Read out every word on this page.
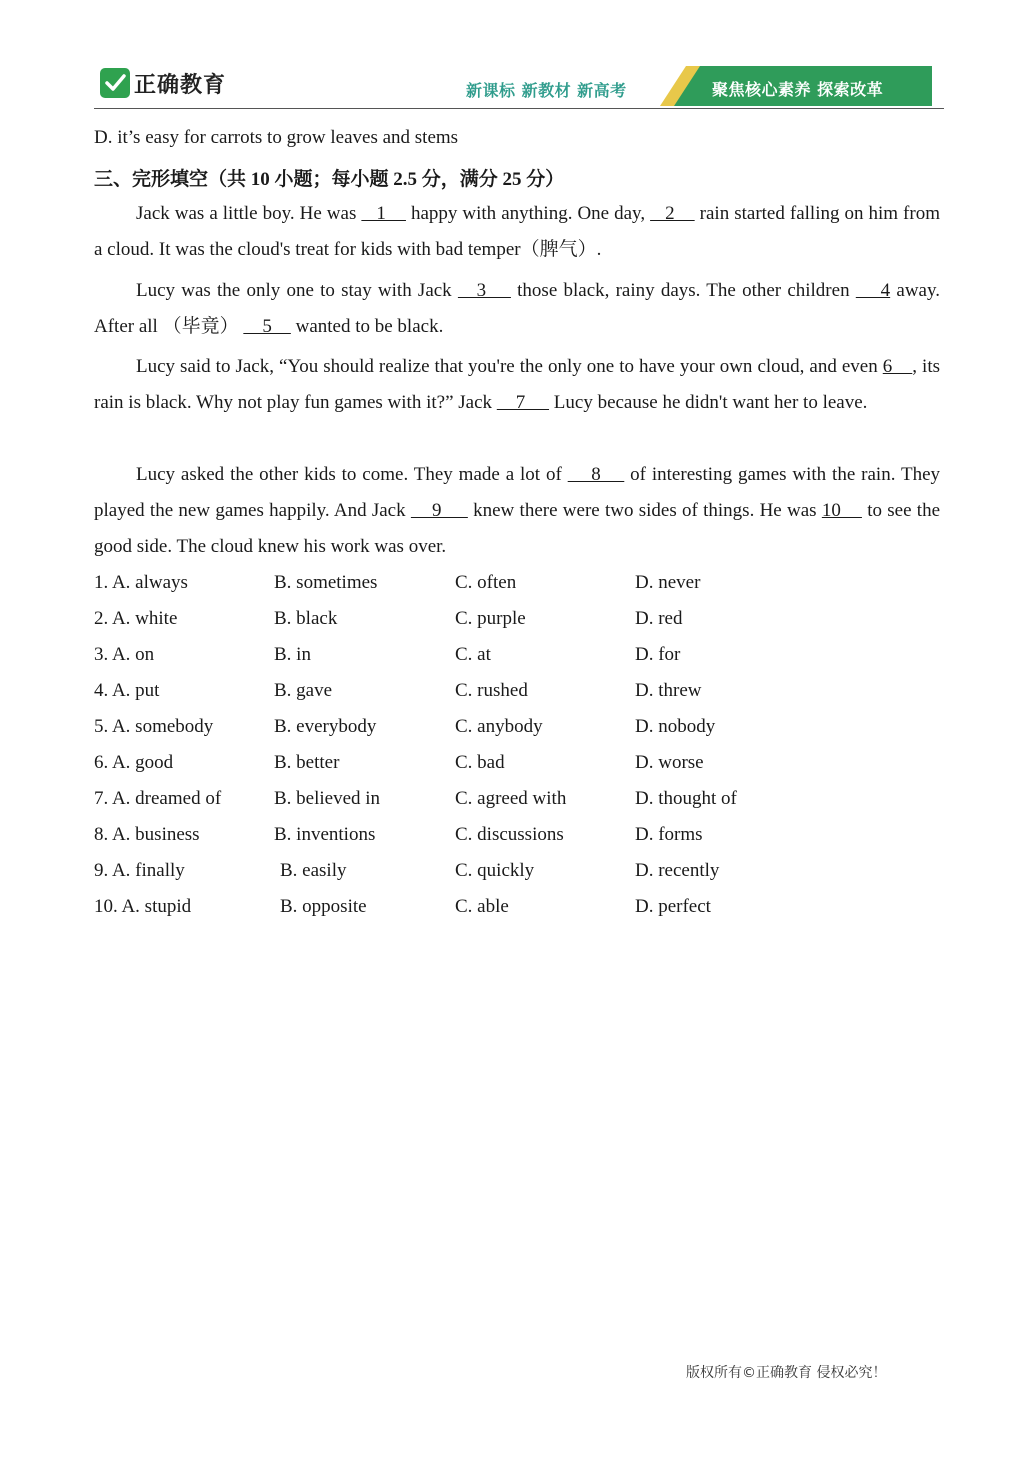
正确教育	新课标 新教材 新高考	聚焦核心素养 探索改革
D. it’s easy for carrots to grow leaves and stems
三、完形填空（共 10 小题；每小题 2.5 分，满分 25 分）
Jack was a little boy. He was    1     happy with anything. One day,    2     rain started falling on him from a cloud. It was the cloud's treat for kids with bad temper（脾气）.
Lucy was the only one to stay with Jack    3     those black, rainy days. The other children     4 away. After all （毕竟）     5     wanted to be black.
Lucy said to Jack, “You should realize that you're the only one to have your own cloud, and even 6    , its rain is black. Why not play fun games with it?” Jack     7      Lucy because he didn't want her to leave.
Lucy asked the other kids to come. They made a lot of     8     of interesting games with the rain. They played the new games happily. And Jack     9      knew there were two sides of things. He was 10     to see the good side. The cloud knew his work was over.
1. A. always	B. sometimes	C. often	D. never
2. A. white	B. black	C. purple	D. red
3. A. on	B. in	C. at	D. for
4. A. put	B. gave	C. rushed	D. threw
5. A. somebody	B. everybody	C. anybody	D. nobody
6. A. good	B. better	C. bad	D. worse
7. A. dreamed of	B. believed in	C. agreed with	D. thought of
8. A. business	B. inventions	C. discussions	D. forms
9. A. finally	B. easily	C. quickly	D. recently
10. A. stupid	B. opposite	C. able	D. perfect
版权所有©正确教育 侵权必究！
